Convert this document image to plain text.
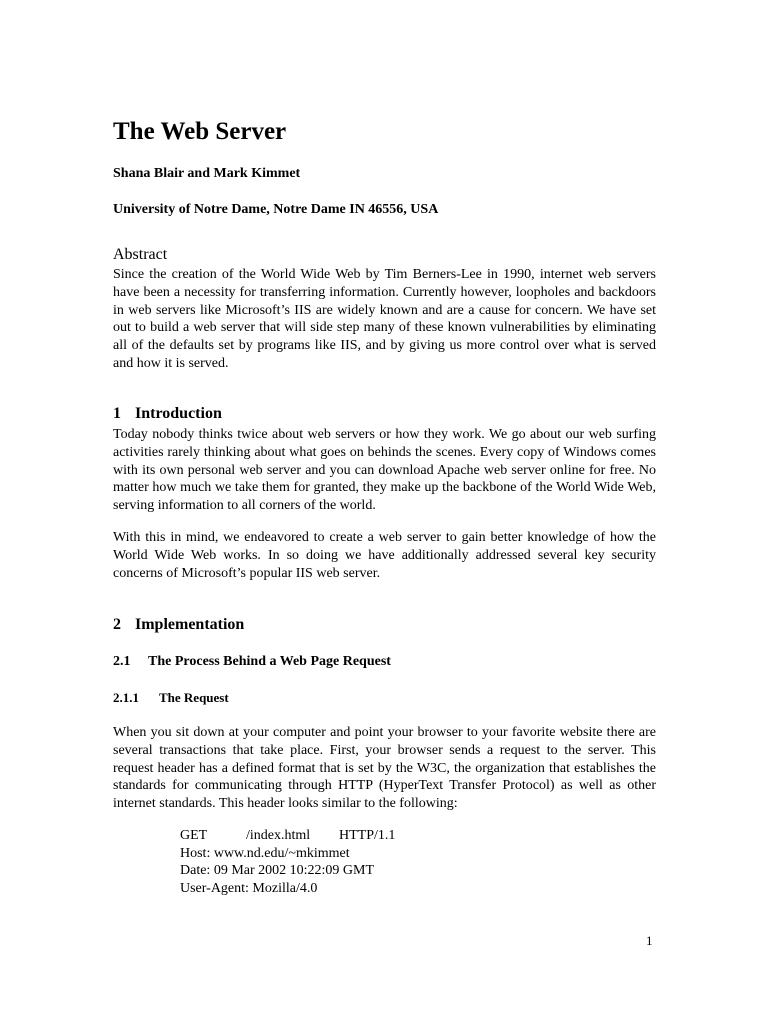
The Web Server
Shana Blair and Mark Kimmet
University of Notre Dame, Notre Dame IN 46556, USA
Abstract

Since the creation of the World Wide Web by Tim Berners-Lee in 1990, internet web servers have been a necessity for transferring information. Currently however, loopholes and backdoors in web servers like Microsoft’s IIS are widely known and are a cause for concern. We have set out to build a web server that will side step many of these known vulnerabilities by eliminating all of the defaults set by programs like IIS, and by giving us more control over what is served and how it is served.

1 Introduction

Today nobody thinks twice about web servers or how they work. We go about our web surfing activities rarely thinking about what goes on behinds the scenes. Every copy of Windows comes with its own personal web server and you can download Apache web server online for free. No matter how much we take them for granted, they make up the backbone of the World Wide Web, serving information to all corners of the world.

With this in mind, we endeavored to create a web server to gain better knowledge of how the World Wide Web works. In so doing we have additionally addressed several key security concerns of Microsoft’s popular IIS web server.

2 Implementation
2.1 The Process Behind a Web Page Request
2.1.1 The Request

When you sit down at your computer and point your browser to your favorite website there are several transactions that take place. First, your browser sends a request to the server. This request header has a defined format that is set by the W3C, the organization that establishes the standards for communicating through HTTP (HyperText Transfer Protocol) as well as other internet standards. This header looks similar to the following:

GET	/index.html HTTP/1.1
Host: www.nd.edu/~mkimmet
Date: 09 Mar 2002 10:22:09 GMT
User-Agent: Mozilla/4.0
1
